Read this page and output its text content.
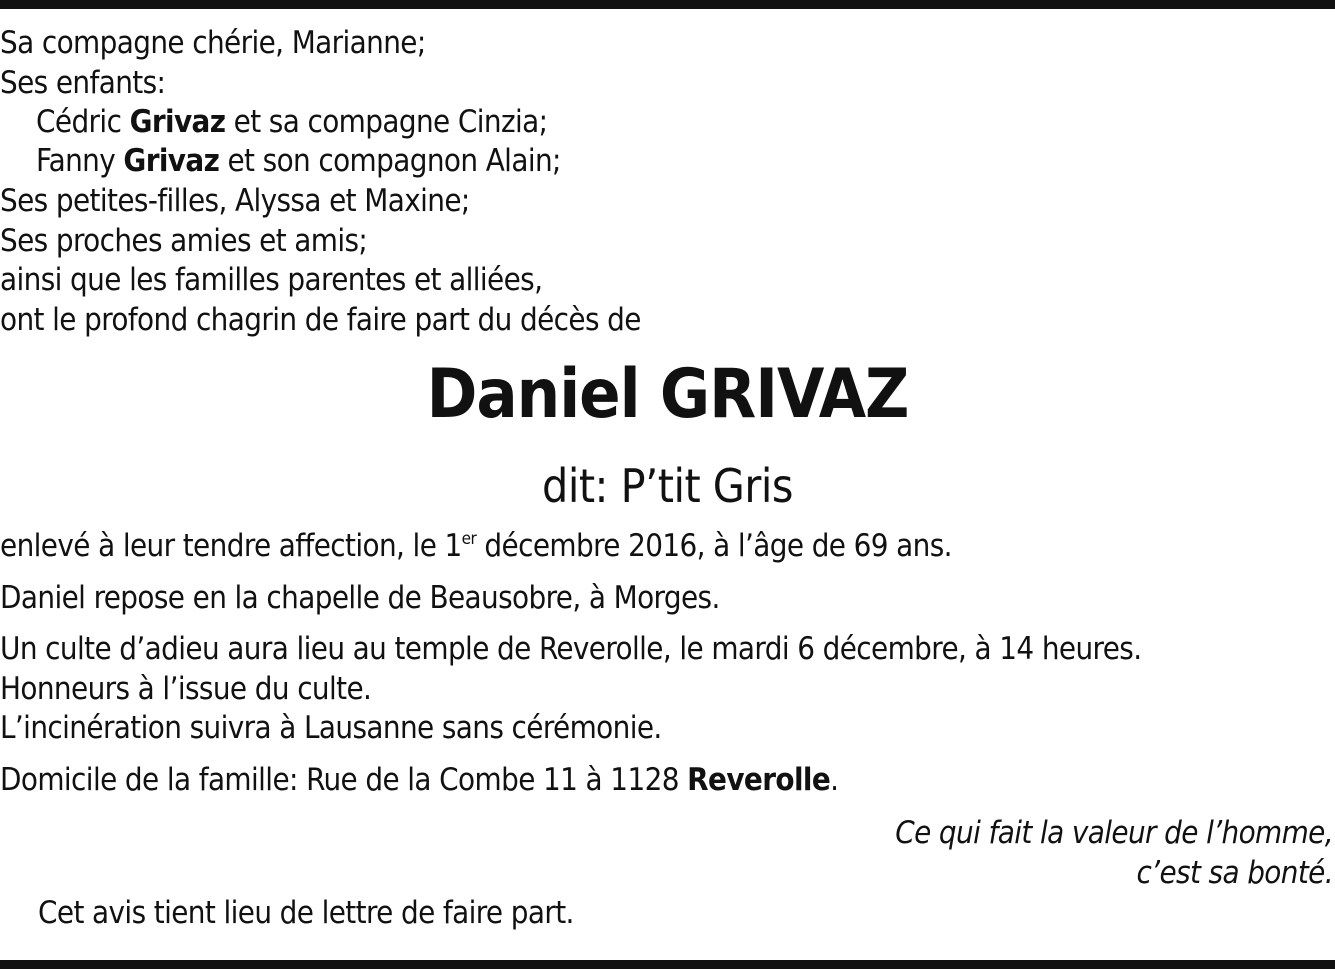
Sa compagne chérie, Marianne;
Ses enfants:
Cédric Grivaz et sa compagne Cinzia;
Fanny Grivaz et son compagnon Alain;
Ses petites-filles, Alyssa et Maxine;
Ses proches amies et amis;
ainsi que les familles parentes et alliées,
ont le profond chagrin de faire part du décès de
Daniel GRIVAZ
dit: P’tit Gris
enlevé à leur tendre affection, le 1er décembre 2016, à l’âge de 69 ans.
Daniel repose en la chapelle de Beausobre, à Morges.
Un culte d’adieu aura lieu au temple de Reverolle, le mardi 6 décembre, à 14 heures.
Honneurs à l’issue du culte.
L’incinération suivra à Lausanne sans cérémonie.
Domicile de la famille: Rue de la Combe 11 à 1128 Reverolle.
Ce qui fait la valeur de l’homme,
c’est sa bonté.
Cet avis tient lieu de lettre de faire part.
